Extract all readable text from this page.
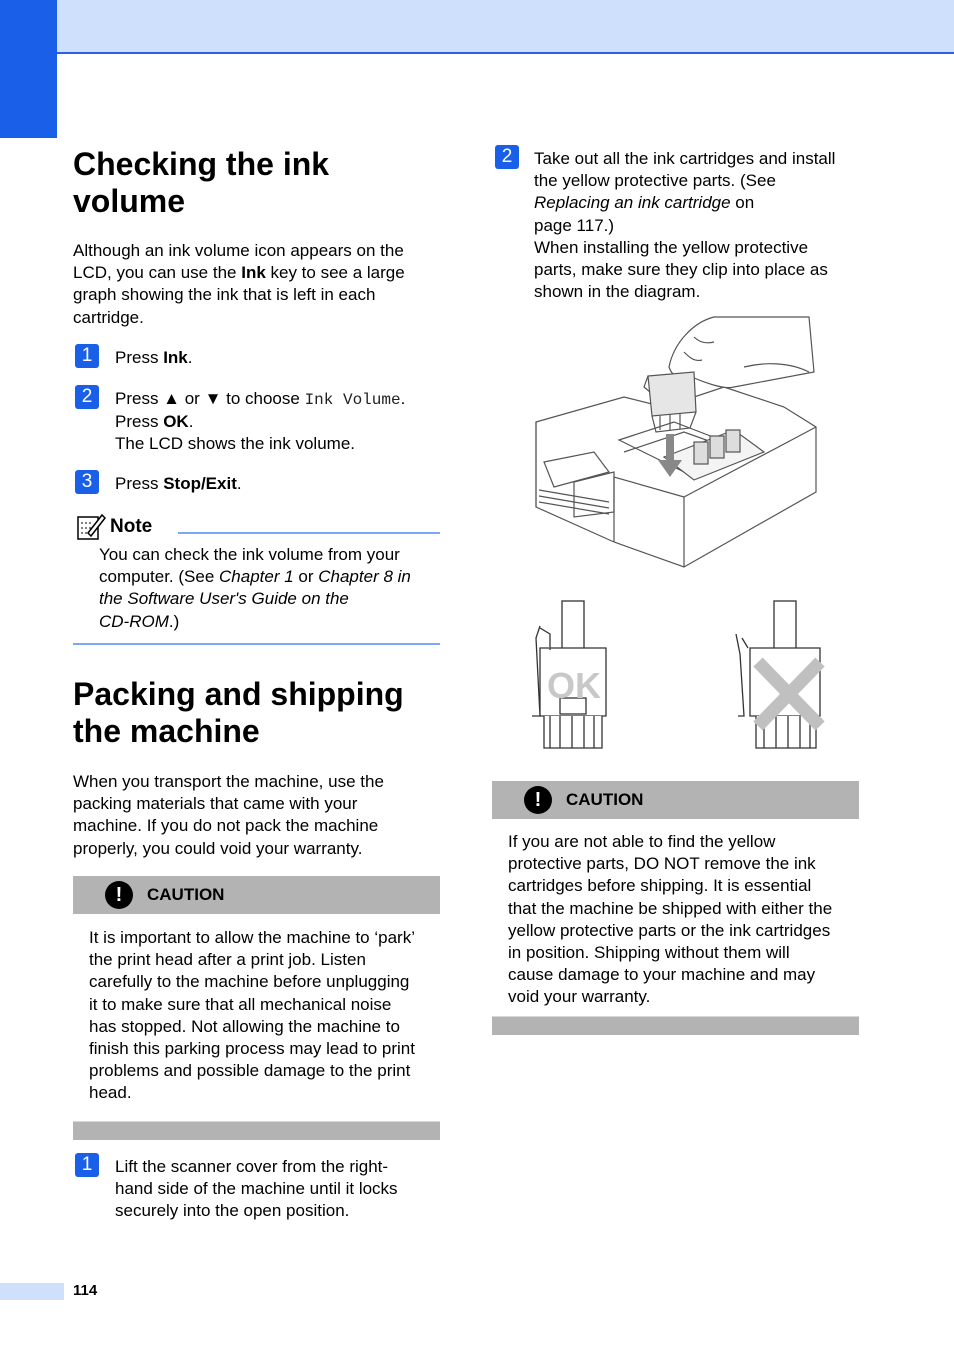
Checking the ink volume
Although an ink volume icon appears on the
LCD, you can use the Ink key to see a large
graph showing the ink that is left in each
cartridge.
1	Press Ink.
2	Press ▲ or ▼ to choose Ink Volume.
Press OK.
The LCD shows the ink volume.
3	Press Stop/Exit.
Note
You can check the ink volume from your
computer. (See Chapter 1 or Chapter 8 in
the Software User's Guide on the
CD-ROM.)
Packing and shipping the machine
When you transport the machine, use the
packing materials that came with your
machine. If you do not pack the machine
properly, you could void your warranty.
!	CAUTION
It is important to allow the machine to ‘park’
the print head after a print job. Listen
carefully to the machine before unplugging
it to make sure that all mechanical noise
has stopped. Not allowing the machine to
finish this parking process may lead to print
problems and possible damage to the print
head.
1	Lift the scanner cover from the right-
hand side of the machine until it locks
securely into the open position.
2	Take out all the ink cartridges and install
the yellow protective parts. (See
Replacing an ink cartridge on
page 117.)
When installing the yellow protective
parts, make sure they clip into place as
shown in the diagram.
OK
!	CAUTION
If you are not able to find the yellow
protective parts, DO NOT remove the ink
cartridges before shipping. It is essential
that the machine be shipped with either the
yellow protective parts or the ink cartridges
in position. Shipping without them will
cause damage to your machine and may
void your warranty.
114
